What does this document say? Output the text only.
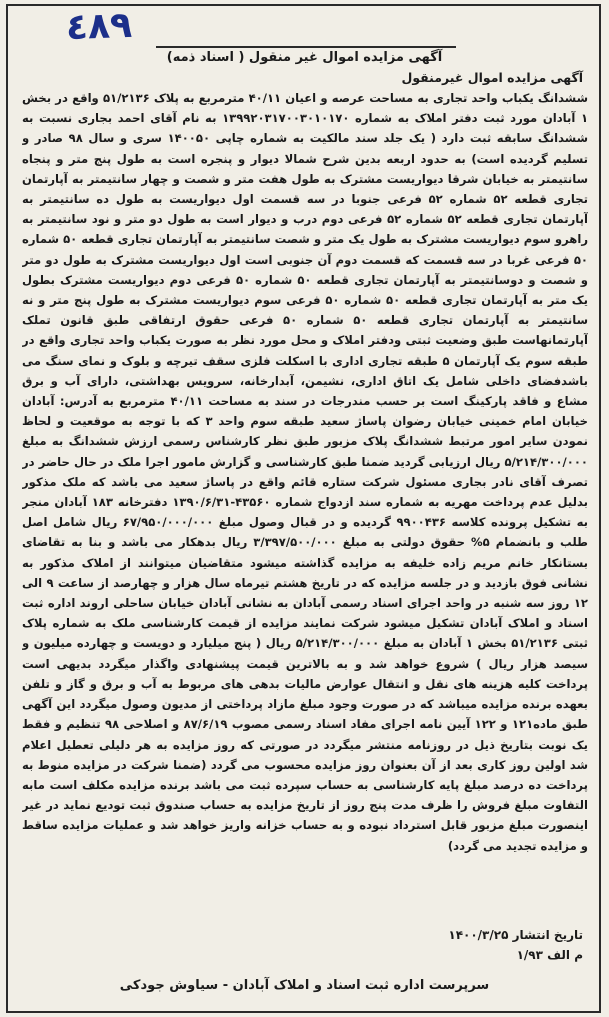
٤٨٩
آگهی مزایده اموال غیر منقول ( اسناد ذمه)
آگهی مزایده اموال غیرمنقول
ششدانگ یکباب واحد تجاری به مساحت عرصه و اعیان ۴۰/۱۱ مترمربع به پلاک ۵۱/۲۱۳۶ واقع در بخش ۱ آبادان مورد ثبت دفتر املاک به شماره ۱۳۹۹۲۰۳۱۷۰۰۳۰۱۰۱۷۰ به نام آقای احمد بجاری نسبت به ششدانگ سابقه ثبت دارد ( یک جلد سند مالکیت به شماره چاپی ۱۴۰۰۵۰ سری و سال ۹۸ صادر و تسلیم گردیده است) به حدود اربعه بدین شرح شمالا دیوار و پنجره است به طول پنج متر و پنجاه سانتیمتر به خیابان شرقا دیواریست مشترک به طول هفت متر و شصت و چهار سانتیمتر به آپارتمان تجاری قطعه ۵۲ شماره ۵۲ فرعی جنوبا در سه قسمت اول دیواریست به طول ده سانتیمتر به آپارتمان تجاری قطعه ۵۲ شماره ۵۲ فرعی دوم درب و دیوار است به طول دو متر و نود سانتیمتر به راهرو سوم دیواریست مشترک به طول یک متر و شصت سانتیمتر به آپارتمان تجاری قطعه ۵۰ شماره ۵۰ فرعی غربا در سه قسمت که قسمت دوم آن جنوبی است اول دیواریست مشترک به طول دو متر و شصت و دوسانتیمتر به آپارتمان تجاری قطعه ۵۰ شماره ۵۰ فرعی دوم دیواریست مشترک بطول یک متر به آپارتمان تجاری قطعه ۵۰ شماره ۵۰ فرعی سوم دیواریست مشترک به طول پنج متر و نه سانتیمتر به آپارتمان تجاری قطعه ۵۰ شماره ۵۰ فرعی حقوق ارتفاقی طبق قانون تملک آپارتمانهاست طبق وضعیت ثبتی ودفتر املاک و محل مورد نظر به صورت یکباب واحد تجاری واقع در طبقه سوم یک آپارتمان ۵ طبقه تجاری اداری با اسکلت فلزی سقف تیرچه و بلوک و نمای سنگ می باشدفضای داخلی شامل یک اتاق اداری، نشیمن، آبدارخانه، سرویس بهداشتی، دارای آب و برق مشاع و فاقد پارکینگ است بر حسب مندرجات در سند به مساحت ۴۰/۱۱ مترمربع به آدرس: آبادان خیابان امام خمینی خیابان رضوان پاساژ سعید طبقه سوم واحد ۳ که با توجه به موقعیت و لحاظ نمودن سایر امور مرتبط ششدانگ پلاک مزبور طبق نظر کارشناس رسمی ارزش ششدانگ به مبلغ ۵/۲۱۴/۳۰۰/۰۰۰ ریال ارزیابی گردید ضمنا طبق کارشناسی و گزارش مامور اجرا ملک در حال حاضر در تصرف آقای نادر بجاری مسئول شرکت ستاره قائم واقع در پاساژ سعید می باشد که ملک مذکور بدلیل عدم پرداخت مهریه به شماره سند ازدواج شماره ۴۳۵۶۰-۱۳۹۰/۶/۳۱ دفترخانه ۱۸۳ آبادان منجر به تشکیل پرونده کلاسه ۹۹۰۰۴۳۶ گردیده و در قبال وصول مبلغ ۶۷/۹۵۰/۰۰۰/۰۰۰ ریال شامل اصل طلب و بانضمام ۵% حقوق دولتی به مبلغ ۳/۳۹۷/۵۰۰/۰۰۰ ریال بدهکار می باشد و بنا به تقاضای بستانکار خانم مریم زاده خلیفه به مزایده گذاشته میشود متقاضیان میتوانند از املاک مذکور به نشانی فوق بازدید و در جلسه مزایده که در تاریخ هشتم تیرماه سال هزار و چهارصد از ساعت ۹ الی ۱۲ روز سه شنبه در واحد اجرای اسناد رسمی آبادان به نشانی آبادان خیابان ساحلی اروند اداره ثبت اسناد و املاک آبادان تشکیل میشود شرکت نمایند مزایده از قیمت کارشناسی ملک به شماره پلاک ثبتی ۵۱/۲۱۳۶ بخش ۱ آبادان به مبلغ ۵/۲۱۴/۳۰۰/۰۰۰ ریال ( پنج میلیارد و دویست و چهارده میلیون و سیصد هزار ریال ) شروع خواهد شد و به بالاترین قیمت پیشنهادی واگذار میگردد بدیهی است پرداخت کلیه هزینه های نقل و انتقال عوارض مالیات بدهی های مربوط به آب و برق و گاز و تلفن بعهده برنده مزایده میباشد که در صورت وجود مبلغ مازاد پرداختی از مدیون وصول میگردد این آگهی طبق ماده۱۲۱ و ۱۲۲ آیین نامه اجرای مفاد اسناد رسمی مصوب ۸۷/۶/۱۹ و اصلاحی ۹۸ تنظیم و فقط یک نوبت بتاریخ ذیل در روزنامه منتشر میگردد در صورتی که روز مزایده به هر دلیلی تعطیل اعلام شد اولین روز کاری بعد از آن بعنوان روز مزایده محسوب می گردد (ضمنا شرکت در مزایده منوط به پرداخت ده درصد مبلغ پایه کارشناسی به حساب سپرده ثبت می باشد برنده مزایده مکلف است مابه التفاوت مبلغ فروش را ظرف مدت پنج روز از تاریخ مزایده به حساب صندوق ثبت تودیع نماید در غیر اینصورت مبلغ مزبور قابل استرداد نبوده و به حساب خزانه واریز خواهد شد و عملیات مزایده ساقط و مزایده تجدید می گردد)
تاریخ انتشار ۱۴۰۰/۳/۲۵
م الف ۱/۹۳
سرپرست اداره ثبت اسناد و املاک آبادان - سیاوش جودکی
